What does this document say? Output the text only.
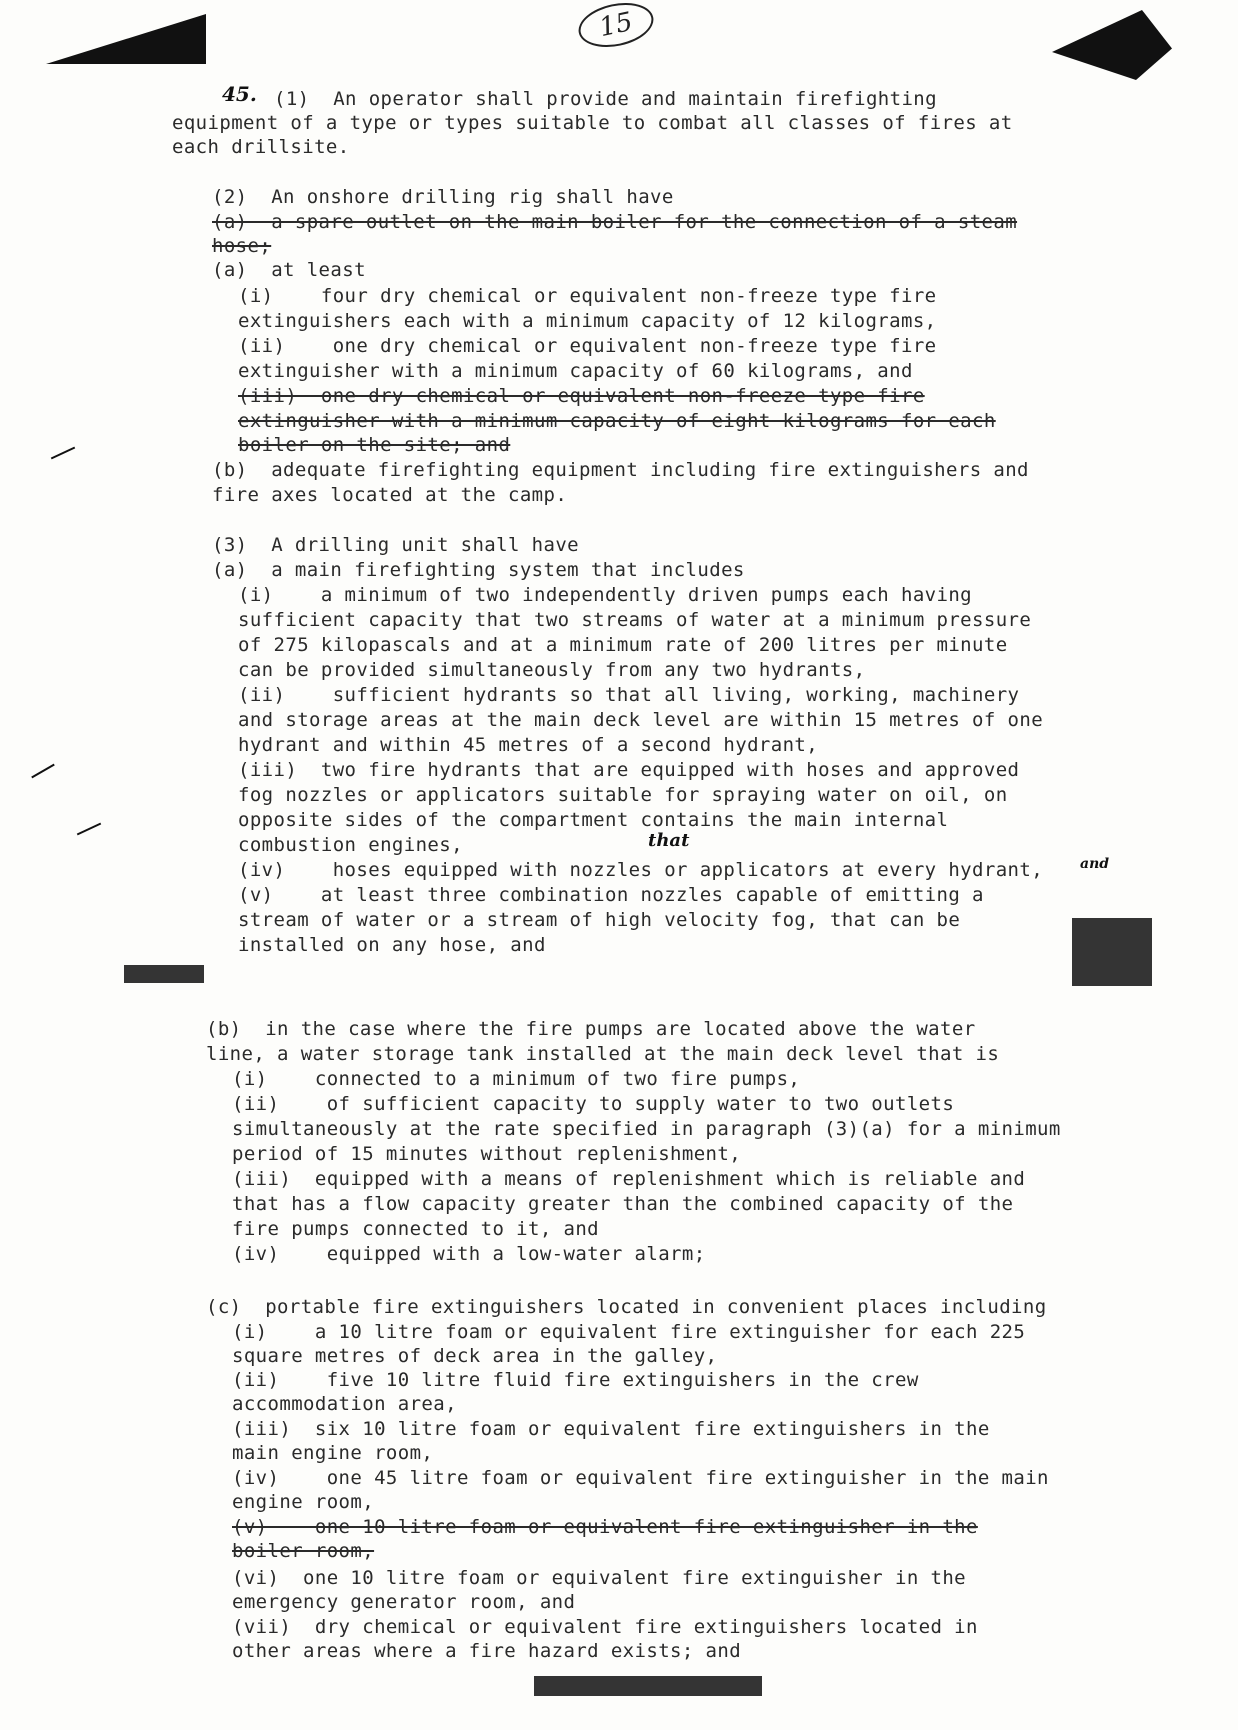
15
45. (1)  An operator shall provide and maintain firefighting
equipment of a type or types suitable to combat all classes of fires at
each drillsite.
(2)  An onshore drilling rig shall have
(a)  a spare outlet on the main boiler for the connection of a steam
hose;
(a)  at least
(i)    four dry chemical or equivalent non-freeze type fire
extinguishers each with a minimum capacity of 12 kilograms,
(ii)    one dry chemical or equivalent non-freeze type fire
extinguisher with a minimum capacity of 60 kilograms, and
(iii)  one dry chemical or equivalent non-freeze type fire
extinguisher with a minimum capacity of eight kilograms for each
boiler on the site; and
(b)  adequate firefighting equipment including fire extinguishers and
fire axes located at the camp.
(3)  A drilling unit shall have
(a)  a main firefighting system that includes
(i)    a minimum of two independently driven pumps each having
sufficient capacity that two streams of water at a minimum pressure
of 275 kilopascals and at a minimum rate of 200 litres per minute
can be provided simultaneously from any two hydrants,
(ii)    sufficient hydrants so that all living, working, machinery
and storage areas at the main deck level are within 15 metres of one
hydrant and within 45 metres of a second hydrant,
(iii)  two fire hydrants that are equipped with hoses and approved
fog nozzles or applicators suitable for spraying water on oil, on
opposite sides of the compartment contains the main internal
combustion engines,	that
(iv)    hoses equipped with nozzles or applicators at every hydrant,	and
(v)    at least three combination nozzles capable of emitting a
stream of water or a stream of high velocity fog, that can be
installed on any hose, and
(b)  in the case where the fire pumps are located above the water
line, a water storage tank installed at the main deck level that is
(i)    connected to a minimum of two fire pumps,
(ii)    of sufficient capacity to supply water to two outlets
simultaneously at the rate specified in paragraph (3)(a) for a minimum
period of 15 minutes without replenishment,
(iii)  equipped with a means of replenishment which is reliable and
that has a flow capacity greater than the combined capacity of the
fire pumps connected to it, and
(iv)    equipped with a low-water alarm;
(c)  portable fire extinguishers located in convenient places including
(i)    a 10 litre foam or equivalent fire extinguisher for each 225
square metres of deck area in the galley,
(ii)    five 10 litre fluid fire extinguishers in the crew
accommodation area,
(iii)  six 10 litre foam or equivalent fire extinguishers in the
main engine room,
(iv)    one 45 litre foam or equivalent fire extinguisher in the main
engine room,
(v)    one 10 litre foam or equivalent fire extinguisher in the
boiler room,
(vi)  one 10 litre foam or equivalent fire extinguisher in the
emergency generator room, and
(vii)  dry chemical or equivalent fire extinguishers located in
other areas where a fire hazard exists; and
